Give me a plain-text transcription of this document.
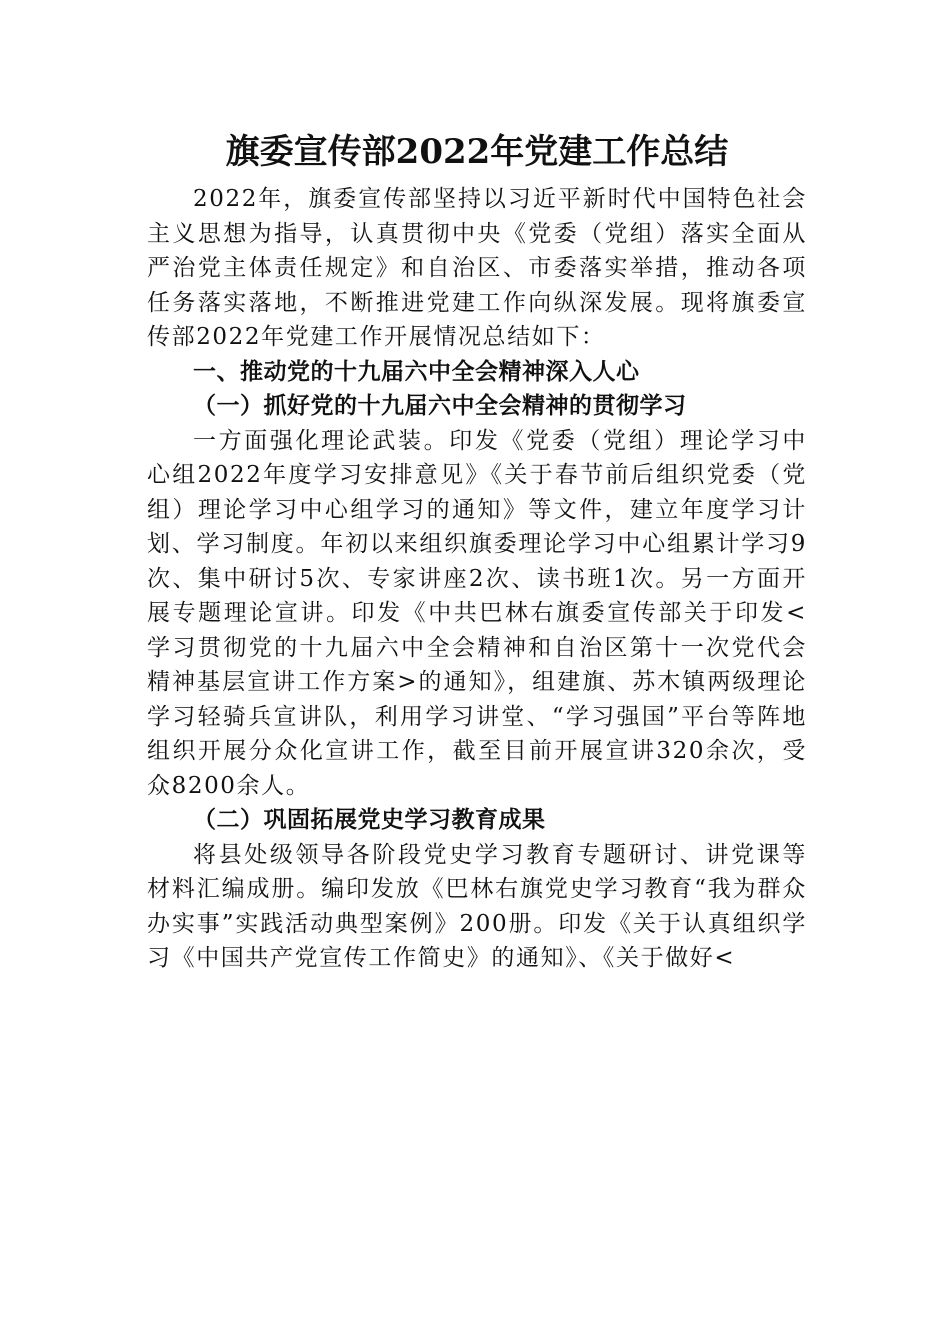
旗委宣传部2022年党建工作总结

2022年，旗委宣传部坚持以习近平新时代中国特色社会主义思想为指导，认真贯彻中央《党委（党组）落实全面从严治党主体责任规定》和自治区、市委落实举措，推动各项任务落实落地，不断推进党建工作向纵深发展。现将旗委宣传部2022年党建工作开展情况总结如下：

一、推动党的十九届六中全会精神深入人心

（一）抓好党的十九届六中全会精神的贯彻学习

一方面强化理论武装。印发《党委（党组）理论学习中心组2022年度学习安排意见》《关于春节前后组织党委（党组）理论学习中心组学习的通知》等文件，建立年度学习计划、学习制度。年初以来组织旗委理论学习中心组累计学习9次、集中研讨5次、专家讲座2次、读书班1次。另一方面开展专题理论宣讲。印发《中共巴林右旗委宣传部关于印发<学习贯彻党的十九届六中全会精神和自治区第十一次党代会精神基层宣讲工作方案>的通知》，组建旗、苏木镇两级理论学习轻骑兵宣讲队，利用学习讲堂、“学习强国”平台等阵地组织开展分众化宣讲工作，截至目前开展宣讲320余次，受众8200余人。

（二）巩固拓展党史学习教育成果

将县处级领导各阶段党史学习教育专题研讨、讲党课等材料汇编成册。编印发放《巴林右旗党史学习教育“我为群众办实事”实践活动典型案例》200册。印发《关于认真组织学习《中国共产党宣传工作简史》的通知》、《关于做好<
